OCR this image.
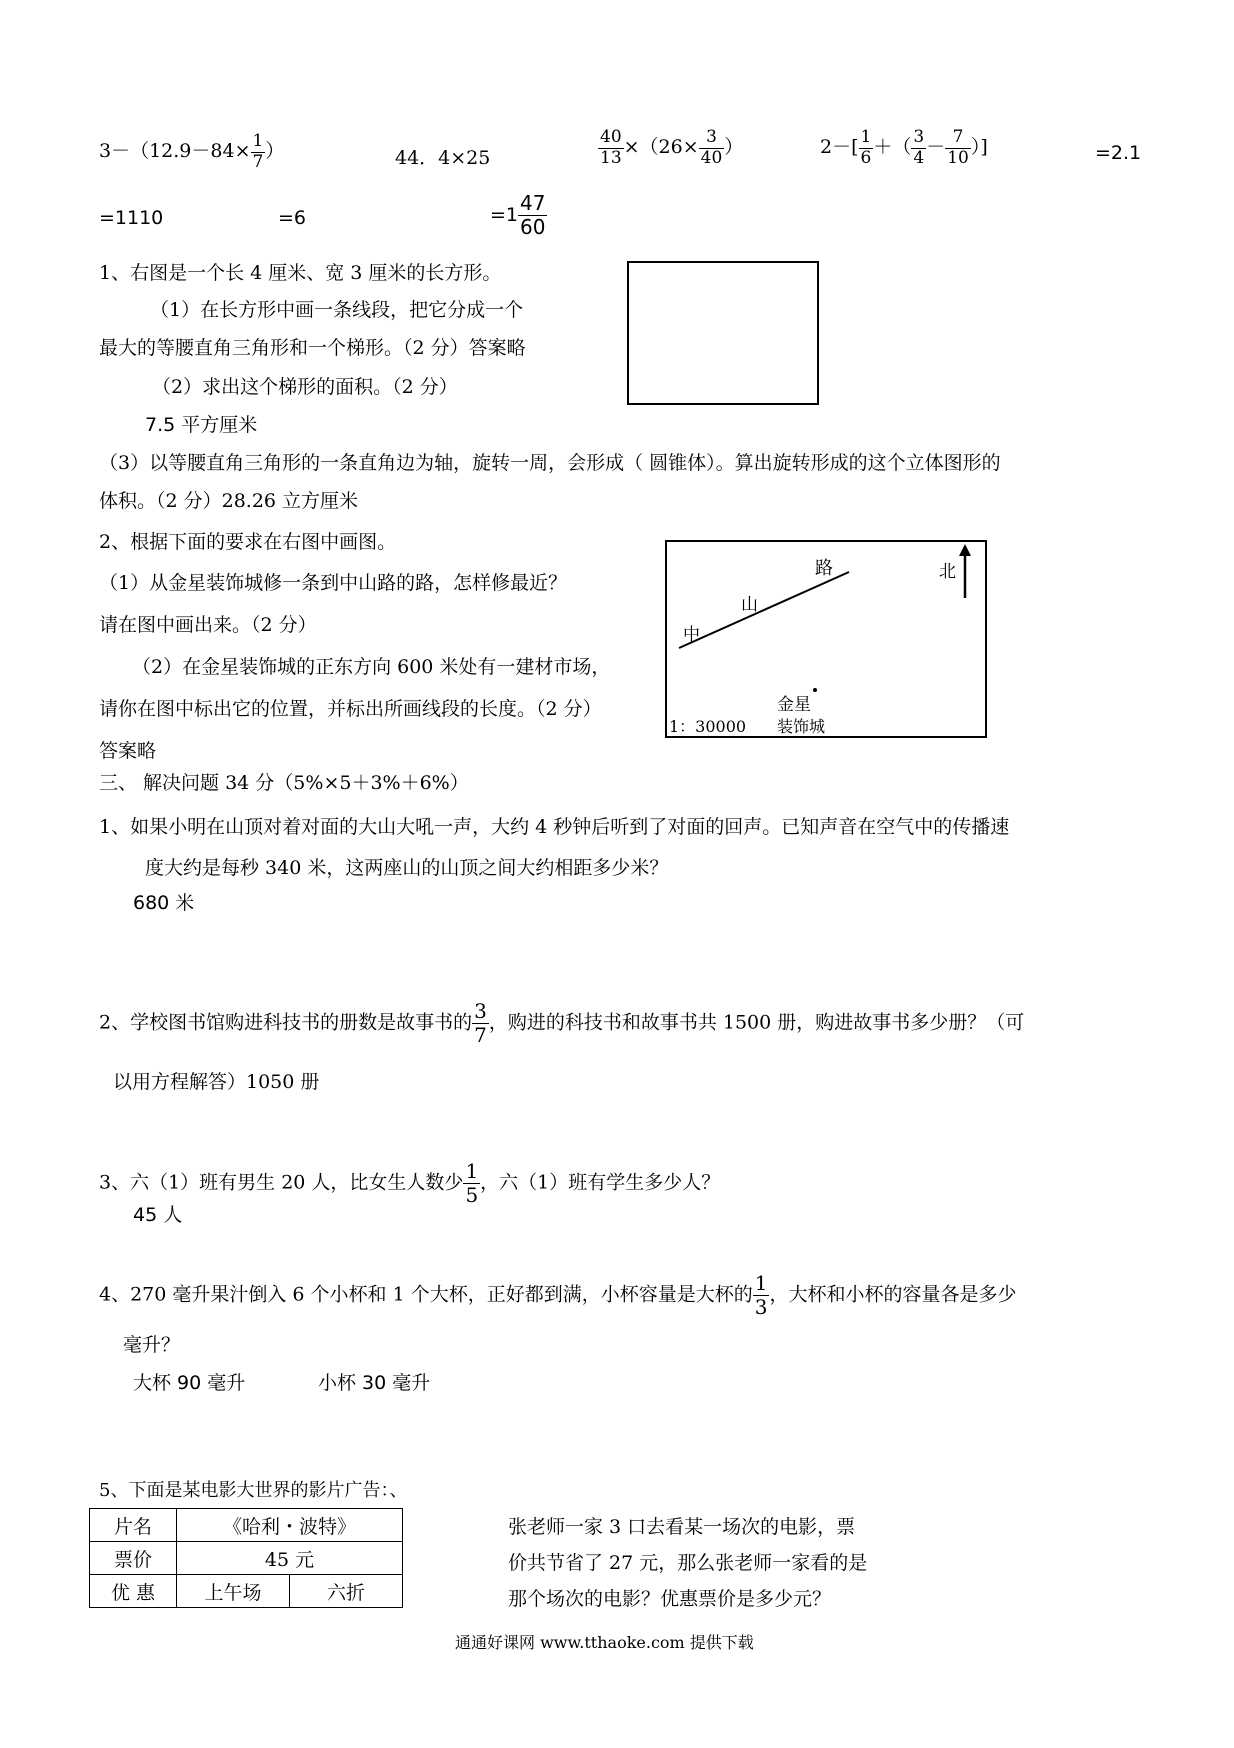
$3-(12.9-84\times \frac{1}{7}$ ）	44．4×25	$\frac{40}{13} \times(26\times \frac{3}{40}$ ）	$2-[ \frac{1}{6}$ ＋（ $\frac{3}{4} - \frac{7}{10}$ ）]	=2.1
=1110	=6	$=1 \frac{47}{60}$
1、右图是一个长 4 厘米、宽 3 厘米的长方形。
（1）在长方形中画一条线段，把它分成一个
最大的等腰直角三角形和一个梯形。（2 分）答案略
（2）求出这个梯形的面积。（2 分）
7.5 平方厘米
（3）以等腰直角三角形的一条直角边为轴，旋转一周，会形成（ 圆锥体）。算出旋转形成的这个立体图形的
体积。（2 分）28.26 立方厘米
2、根据下面的要求在右图中画图。
（1）从金星装饰城修一条到中山路的路，怎样修最近？
请在图中画出来。（2 分）
（2）在金星装饰城的正东方向 600 米处有一建材市场，
请你在图中标出它的位置，并标出所画线段的长度。（2 分）
答案略
中
山
路	北
金星
装饰城
1：30000
三、 解决问题 34 分（5%×5＋3%＋6%）
1、如果小明在山顶对着对面的大山大吼一声，大约 4 秒钟后听到了对面的回声。已知声音在空气中的传播速
度大约是每秒 340 米，这两座山的山顶之间大约相距多少米？
680 米
2、学校图书馆购进科技书的册数是故事书的 $\frac{3}{7}$ ，购进的科技书和故事书共 1500 册，购进故事书多少册？（可
以用方程解答）1050 册
3、六（1）班有男生 20 人，比女生人数少 $\frac{1}{5}$ ，六（1）班有学生多少人？
45 人
4、270 毫升果汁倒入 6 个小杯和 1 个大杯，正好都到满，小杯容量是大杯的 $\frac{1}{3}$ ，大杯和小杯的容量各是多少
毫升？
大杯 90 毫升	小杯 30 毫升
5、下面是某电影大世界的影片广告：、
片名	《哈利・波特》	
票价	45 元	
优 惠	上午场	六折
张老师一家 3 口去看某一场次的电影，票
价共节省了 27 元，那么张老师一家看的是
那个场次的电影？优惠票价是多少元？
通通好课网 www.tthaoke.com 提供下载
